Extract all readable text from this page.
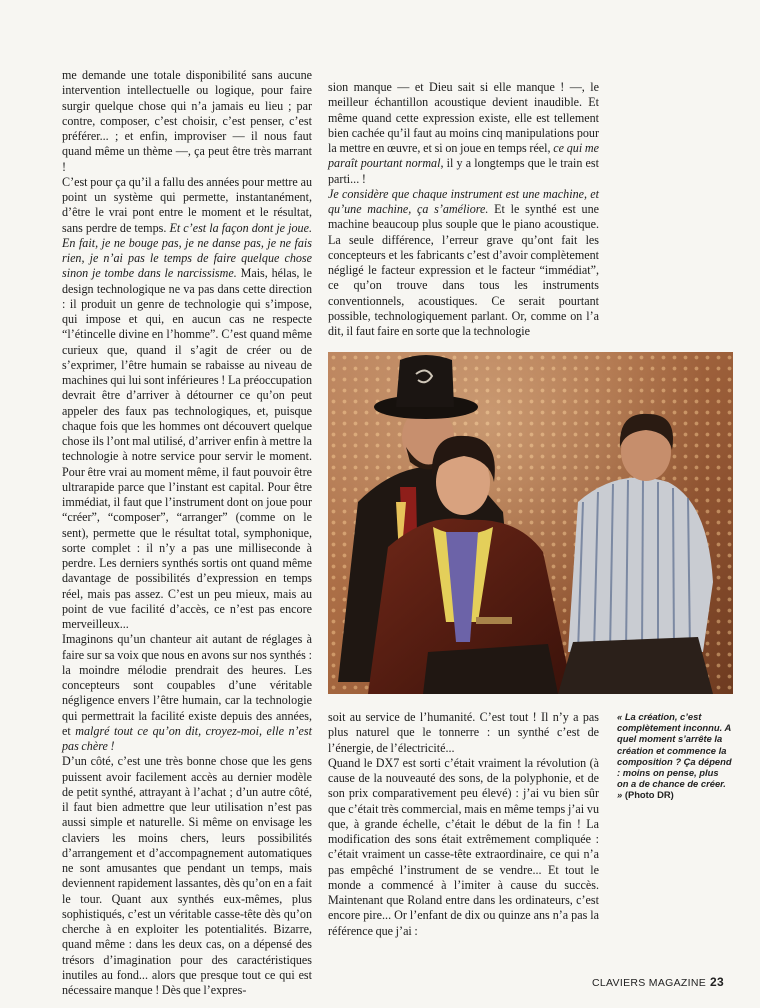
me demande une totale disponibilité sans aucune intervention intellectuelle ou logique, pour faire surgir quelque chose qui n’a jamais eu lieu ; par contre, composer, c’est choisir, c’est penser, c’est préférer... ; et enfin, improviser — il nous faut quand même un thème —, ça peut être très marrant !

C’est pour ça qu’il a fallu des années pour mettre au point un système qui permette, instantanément, d’être le vrai pont entre le moment et le résultat, sans perdre de temps. Et c’est la façon dont je joue. En fait, je ne bouge pas, je ne danse pas, je ne fais rien, je n’ai pas le temps de faire quelque chose sinon je tombe dans le narcissisme. Mais, hélas, le design technologique ne va pas dans cette direction : il produit un genre de technologie qui s’impose, qui impose et qui, en aucun cas ne respecte “l’étincelle divine en l’homme”. C’est quand même curieux que, quand il s’agit de créer ou de s’exprimer, l’être humain se rabaisse au niveau de machines qui lui sont inférieures ! La préoccupation devrait être d’arriver à détourner ce qu’on peut appeler des faux pas technologiques, et, puisque chaque fois que les hommes ont découvert quelque chose ils l’ont mal utilisé, d’arriver enfin à mettre la technologie à notre service pour servir le moment. Pour être vrai au moment même, il faut pouvoir être ultrarapide parce que l’instant est capital. Pour être immédiat, il faut que l’instrument dont on joue pour “créer”, “composer”, “arranger” (comme on le sent), permette que le résultat total, symphonique, sorte complet : il n’y a pas une milliseconde à perdre. Les derniers synthés sortis ont quand même davantage de possibilités d’expression en temps réel, mais pas assez. C’est un peu mieux, mais au point de vue facilité d’accès, ce n’est pas encore merveilleux...

Imaginons qu’un chanteur ait autant de réglages à faire sur sa voix que nous en avons sur nos synthés : la moindre mélodie prendrait des heures. Les concepteurs sont coupables d’une véritable négligence envers l’être humain, car la technologie qui permettrait la facilité existe depuis des années, et malgré tout ce qu’on dit, croyez-moi, elle n’est pas chère !

D’un côté, c’est une très bonne chose que les gens puissent avoir facilement accès au dernier modèle de petit synthé, attrayant à l’achat ; d’un autre côté, il faut bien admettre que leur utilisation n’est pas aussi simple et naturelle. Si même on envisage les claviers les moins chers, leurs possibilités d’arrangement et d’accompagnement automatiques ne sont amusantes que pendant un temps, mais deviennent rapidement lassantes, dès qu’on en a fait le tour. Quant aux synthés eux-mêmes, plus sophistiqués, c’est un véritable casse-tête dès qu’on cherche à en exploiter les potentialités. Bizarre, quand même : dans les deux cas, on a dépensé des trésors d’imagination pour des caractéristiques inutiles au fond... alors que presque tout ce qui est nécessaire manque ! Dès que l’expres-

sion manque — et Dieu sait si elle manque ! —, le meilleur échantillon acoustique devient inaudible. Et même quand cette expression existe, elle est tellement bien cachée qu’il faut au moins cinq manipulations pour la mettre en œuvre, et si on joue en temps réel, ce qui me paraît pourtant normal, il y a longtemps que le train est parti... !

Je considère que chaque instrument est une machine, et qu’une machine, ça s’améliore. Et le synthé est une machine beaucoup plus souple que le piano acoustique. La seule différence, l’erreur grave qu’ont fait les concepteurs et les fabricants c’est d’avoir complètement négligé le facteur expression et le facteur “immédiat”, ce qu’on trouve dans tous les instruments conventionnels, acoustiques. Ce serait pourtant possible, technologiquement parlant. Or, comme on l’a dit, il faut faire en sorte que la technologie

soit au service de l’humanité. C’est tout ! Il n’y a pas plus naturel que le tonnerre : un synthé c’est de l’énergie, de l’électricité...

Quand le DX7 est sorti c’était vraiment la révolution (à cause de la nouveauté des sons, de la polyphonie, et de son prix comparativement peu élevé) : j’ai vu bien sûr que c’était très commercial, mais en même temps j’ai vu que, à grande échelle, c’était le début de la fin ! La modification des sons était extrêmement compliquée : c’était vraiment un casse-tête extraordinaire, ce qui n’a pas empêché l’instrument de se vendre... Et tout le monde a commencé à l’imiter à cause du succès. Maintenant que Roland entre dans les ordinateurs, c’est encore pire... Or l’enfant de dix ou quinze ans n’a pas la référence que j’ai :

« La création, c’est complètement inconnu. A quel moment s’arrête la création et commence la composition ? Ça dépend : moins on pense, plus on a de chance de créer. » (Photo DR)
CLAVIERS MAGAZINE 23
